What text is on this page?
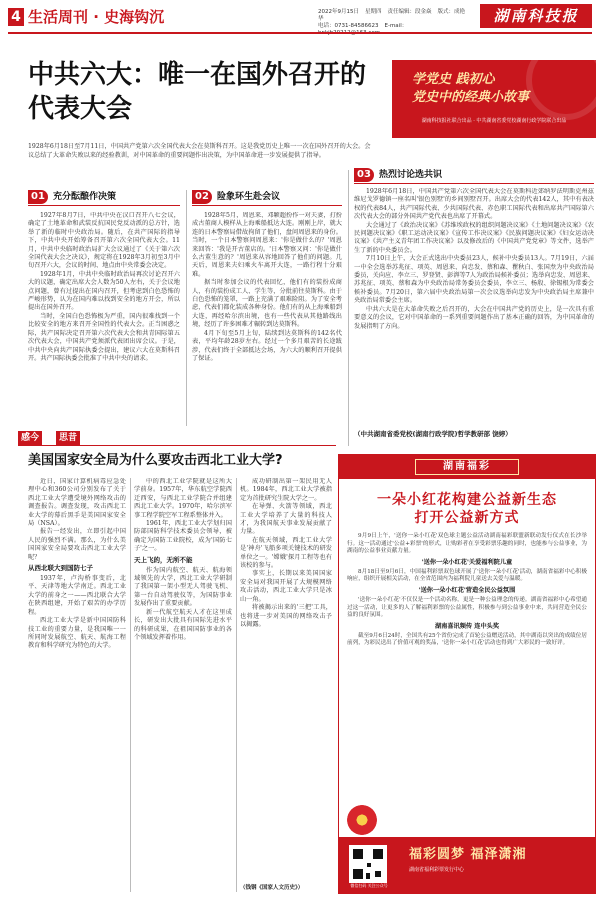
4 生活周刊 · 史海钩沉	2022年9月15日 星期四 责任编辑：段金焱 版式：成艳华
电话：0731-84586623 E-mail：
湖南科技报
中共六大：唯一在国外召开的代表大会
学党史 践初心
党史中的经典小故事
湖南科技报社联合出品 · 中共湖南省委党校湖南行政学院联合出品
1928年6月18日至7月11日，中国共产党第六次全国代表大会在莫斯科召开。这是我党历史上唯一一次在国外召开的大会。会议总结了大革命失败以来的经验教训，对中国革命的重要问题作出决策，为中国革命进一步发展提供了指导。
01 充分酝酿作决策

1927年8月7日，中共中央在汉口召开八七会议，确定了土地革命和武装反抗国民党反动派的总方针，选举了新的临时中央政治局。随后，在共产国际的指导下，中共中央开始筹备召开第六次全国代表大会。11月，中共中央临时政治局扩大会议通过了《关于第六次全国代表大会之决议》，规定将在1928年3月初至3月中旬召开六大，会议的时间、地点由中央常委会决定。

1928年1月，中共中央临时政治局再次讨论召开六大的议题，确定出席大会人数为50人左右，关于会议地点问题，曾有过提出在国内召开，但考虑到白色恐怖的严峻形势，认为在国内难以找到安全的地方开会，所以提出在国外召开。

当时，全国白色恐怖极为严重，国内很难找到一个比较安全的地方来召开全国性的代表大会。正当困惑之际，共产国际决定召开第六次代表大会和共青国际第五次代表大会，中国共产党须派代表团出席会议。于是，中共中央向共产国际执委会提出，建议六大在莫斯科召开。共产国际执委会批准了中共中央的请求。

02 险象环生赴会议

1928年5月，周恩来、邓颖超扮作一对夫妻，打扮成古董商人模样从上海乘船抵达大连。刚刚上岸，就大连的日本警察局借故拘留了他们，盘问周恩来的身份。当时，一个日本警察问周恩来：'你是做什么的？'周恩来回答：'我是开古董店的。'日本警察又问：'你是做什么古董生意的？'周恩来从容地回答了他们的问题。几天后，周恩来夫妇乘火车离开大连，一路行程十分艰难。

据当时参加会议的代表回忆，他们有的装扮成商人，有的装扮成工人、学生等，分批前往莫斯科。由于白色恐怖的笼罩，一路上充满了艰难险阻。为了安全考虑，代表们都化装成各种身份。他们有的从上海乘船到大连，再经哈尔滨出境，也有一些代表从其他路线出境，经历了许多困难才辗转到达莫斯科。

4月下旬至5月上旬，陆续到达莫斯科的142名代表，平均年龄28岁左右。经过一个多月艰苦的长途跋涉，代表们终于全部抵达会场，为六大的顺利召开提供了保证。

03 热烈讨论选共识

1928年6月18日，中国共产党第六次全国代表大会在莫斯科近郊纳罗法明斯克州兹维尼戈罗德镇一座名叫'银色别墅'的乡间别墅召开。出席大会的代表142人，其中有表决权的代表84人，共产国际代表、少共国际代表、赤色职工国际代表和出席共产国际第六次代表大会的部分外国共产党代表也出席了开幕式。

大会通过了《政治决议案》《苏维埃政权的组织问题决议案》《土地问题决议案》《农民问题决议案》《职工运动决议案》《宣传工作决议案》《民族问题决议案》《妇女运动决议案》《共产主义青年团工作决议案》以及修改后的《中国共产党党章》等文件，选举产生了新的中央委员会。

7月10日上午，大会正式选出中央委员23人，候补中央委员13人。7月19日，六届一中全会选举苏兆征、项英、周恩来、向忠发、蔡和森、瞿秋白、张国焘为中央政治局委员，关向应、李立三、罗登贤、彭湃等7人为政治局候补委员；选举向忠发、周恩来、苏兆征、项英、蔡和森为中央政治局常务委员会委员，李立三、杨殷、徐锡根为常委会候补委员。7月20日，第六届中央政治局第一次会议选举向忠发为中央政治局主席兼中央政治局常委会主席。

中共六大是在大革命失败之后召开的，大会在中国共产党的历史上，是一次具有重要意义的会议，它对中国革命的一系列重要问题作出了基本正确的回答，为中国革命的发展指明了方向。

（中共湖南省委党校(湖南行政学院)哲学教研部 饶婷）
感今	思昔
美国国家安全局为什么要攻击西北工业大学?

近日，国家计算机病毒应急处理中心和360公司分别发布了关于西北工业大学遭受境外网络攻击的调查报告。调查发现，攻击西北工业大学的幕后黑手是美国国家安全局（NSA）。

报告一经发出，立即引起中国人民的强烈不满。那么，为什么美国国家安全局要攻击西北工业大学呢？

从西北联大到国防七子

1937年，卢沟桥事变后，北平、天津等地大学南迁。西北工业大学的前身之一——西北联合大学在陕西组建，开始了艰苦的办学历程。

西北工业大学是新中国国防科技工业的重要力量，是我国唯一一所同时发展航空、航天、航海工程教育和科学研究为特色的大学。

中的西北工业学院就是这所大学前身。1957年，华东航空学院西迁西安，与西北工业学院合并组建西北工业大学。1970年，哈尔滨军事工程学院空军工程系整体并入。

1961年，西北工业大学划归国防部国防科学技术委员会领导，被确定为国防工业院校，成为'国防七子'之一。

天上飞的，无所不能

作为国内航空、航天、航海领域领先的大学，西北工业大学研制了我国第一架小型无人驾驶飞机、第一台自动驾驶仪等，为国防事业发展作出了重要贡献。

新一代航空航天人才在这里成长，研发出大批具有国际先进水平的科研成果，在祖国国防事业的各个领域发挥着作用。

成功研制出第一架民用无人机。1984年，西北工业大学被指定为首批研究生院大学之一。

在导弹、火箭等领域，西北工业大学培养了大量的科技人才，为我国航天事业发展贡献了力量。

在航天领域，西北工业大学是'神舟'飞船多项关键技术的研发单位之一。'嫦娥'探月工程等也有该校的参与。

事实上，长期以来美国国家安全局对我国开展了大规模网络攻击活动，西北工业大学只是冰山一角。

将被揭示出来的'三把'工具，也将进一步对美国的网络攻击予以揭露。

（钱钢《国家人文历史》）
湖南福彩
一朵小红花构建公益新生态
打开公益新方式

9月9日上午，'送你一朵小红花'双色球主题公益活动湖南福彩联盟新联动发行仪式在长沙举行。这一活动通过'公益+彩票'的形式，让购彩者在享受彩票乐趣的同时，也能参与公益事业，为湖南的公益事业贡献力量。

'送你一朵小红花'关爱福利院儿童

8月18日至9月6日，中国福利彩票双色球开展了'送你一朵小红花'活动，湖南省福彩中心积极响应，组织开展相关活动，在全省范围内为福利院儿童送去关爱与温暖。

'送你一朵小红花'营造全民公益氛围

'送你一朵小红花'不仅仅是一个活动名称，更是一种公益理念的传递。湖南省福彩中心希望通过这一活动，让更多的人了解福利彩票的公益属性，积极参与到公益事业中来，共同营造全民公益的良好氛围。

湖南喜讯频传 连中头奖

截至9月6日24时，全国共有25个省份完成了首轮公益赠送活动，其中湖南以突出的成绩位居前列，为彩民送出了价值可观的奖品，'送你一朵小红花'活动也得到广大彩民的一致好评。

微信扫码 关注公众号
福彩圆梦 福泽潇湘
湖南省福利彩票发行中心
